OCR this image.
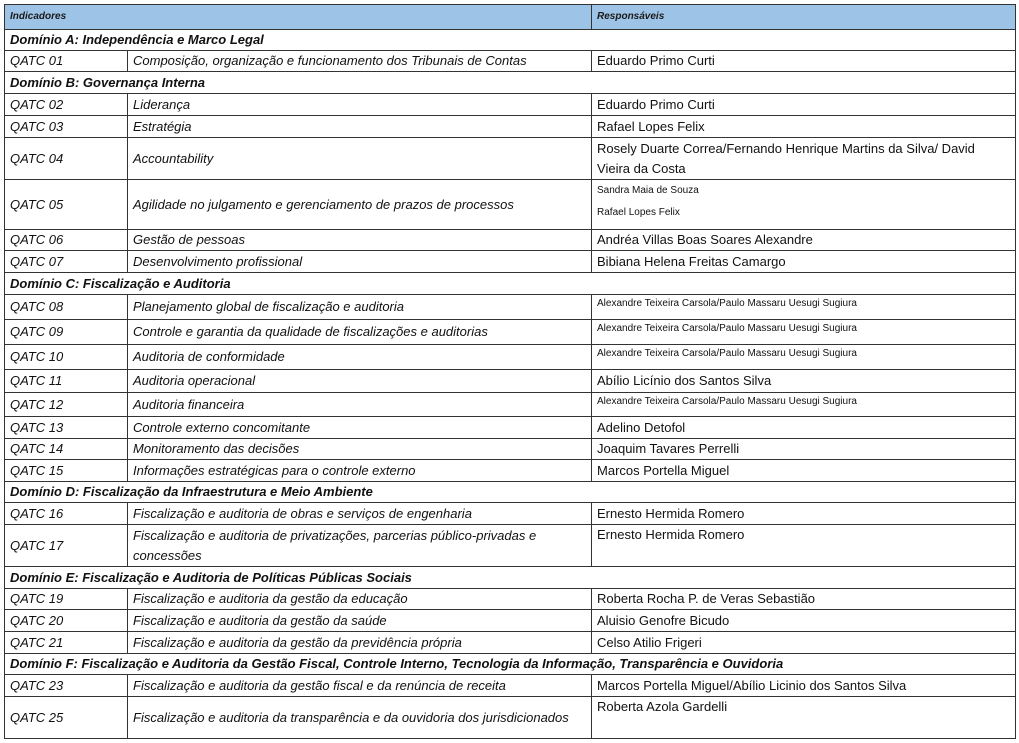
Indicadores		Responsáveis
Domínio A: Independência e Marco Legal		
QATC 01	Composição, organização e funcionamento dos Tribunais de Contas	Eduardo Primo Curti
Domínio B: Governança Interna		
QATC 02	Liderança	Eduardo Primo Curti
QATC 03	Estratégia	Rafael Lopes Felix
QATC 04	Accountability	Rosely Duarte Correa/Fernando Henrique Martins da Silva/ David Vieira da Costa
QATC 05	Agilidade no julgamento e gerenciamento de prazos de processos	Sandra Maia de Souza
Rafael Lopes Felix

QATC 06	Gestão de pessoas	Andréa Villas Boas Soares Alexandre
QATC 07	Desenvolvimento profissional	Bibiana Helena Freitas Camargo
Domínio C: Fiscalização e Auditoria		
QATC 08	Planejamento global de fiscalização e auditoria	Alexandre Teixeira Carsola/Paulo Massaru Uesugi Sugiura
QATC 09	Controle e garantia da qualidade de fiscalizações e auditorias	Alexandre Teixeira Carsola/Paulo Massaru Uesugi Sugiura
QATC 10	Auditoria de conformidade	Alexandre Teixeira Carsola/Paulo Massaru Uesugi Sugiura
QATC 11	Auditoria operacional	Abílio Licínio dos Santos Silva
QATC 12	Auditoria financeira	Alexandre Teixeira Carsola/Paulo Massaru Uesugi Sugiura
QATC 13	Controle externo concomitante	Adelino Detofol
QATC 14	Monitoramento das decisões	Joaquim Tavares Perrelli
QATC 15	Informações estratégicas para o controle externo	Marcos Portella Miguel
Domínio D: Fiscalização da Infraestrutura e Meio Ambiente		
QATC 16	Fiscalização e auditoria de obras e serviços de engenharia	Ernesto Hermida Romero
QATC 17	Fiscalização e auditoria de privatizações, parcerias público-privadas e concessões	Ernesto Hermida Romero
Domínio E: Fiscalização e Auditoria de Políticas Públicas Sociais		
QATC 19	Fiscalização e auditoria da gestão da educação	Roberta Rocha P. de Veras Sebastião
QATC 20	Fiscalização e auditoria da gestão da saúde	Aluisio Genofre Bicudo
QATC 21	Fiscalização e auditoria da gestão da previdência própria	Celso Atilio Frigeri
Domínio F: Fiscalização e Auditoria da Gestão Fiscal, Controle Interno, Tecnologia da Informação, Transparência e Ouvidoria		
QATC 23	Fiscalização e auditoria da gestão fiscal e da renúncia de receita	Marcos Portella Miguel/Abílio Licinio dos Santos Silva
QATC 25	Fiscalização e auditoria da transparência e da ouvidoria dos jurisdicionados	Roberta Azola Gardelli
